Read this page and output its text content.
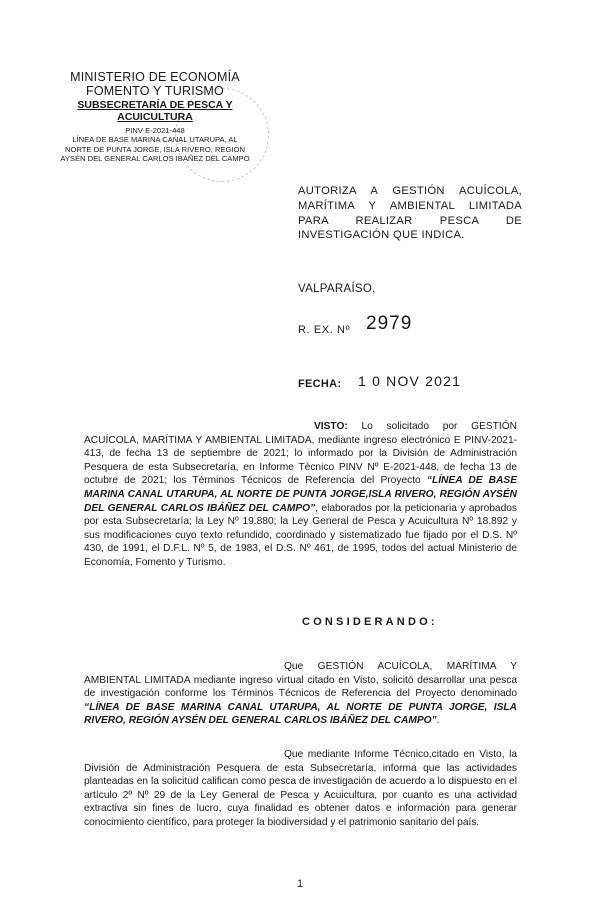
MINISTERIO DE ECONOMÍA
FOMENTO Y TURISMO
SUBSECRETARÍA DE PESCA Y
ACUICULTURA
PINV E-2021-448
LÍNEA DE BASE MARINA CANAL UTARUPA, AL
NORTE DE PUNTA JORGE, ISLA RIVERO, REGIÓN
AYSÉN DEL GENERAL CARLOS IBÁÑEZ DEL CAMPO
AUTORIZA A GESTIÓN ACUÍCOLA, MARÍTIMA Y AMBIENTAL LIMITADA PARA REALIZAR PESCA DE INVESTIGACIÓN QUE INDICA.
VALPARAÍSO,
R. EX. Nº 2979
FECHA: 1 0 NOV 2021
VISTO: Lo solicitado por GESTIÓN ACUÍCOLA, MARÍTIMA Y AMBIENTAL LIMITADA, mediante ingreso electrónico E PINV-2021-413, de fecha 13 de septiembre de 2021; lo informado por la División de Administración Pesquera de esta Subsecretaría, en Informe Técnico PINV Nº E-2021-448, de fecha 13 de octubre de 2021; los Términos Técnicos de Referencia del Proyecto “LÍNEA DE BASE MARINA CANAL UTARUPA, AL NORTE DE PUNTA JORGE,ISLA RIVERO, REGIÓN AYSÉN DEL GENERAL CARLOS IBÁÑEZ DEL CAMPO”, elaborados por la peticionaria y aprobados por esta Subsecretaría; la Ley Nº 19.880; la Ley General de Pesca y Acuicultura Nº 18.892 y sus modificaciones cuyo texto refundido, coordinado y sistematizado fue fijado por el D.S. Nº 430, de 1991, el D.F.L. Nº 5, de 1983, el D.S. Nº 461, de 1995, todos del actual Ministerio de Economía, Fomento y Turismo.
CONSIDERANDO:
Que GESTIÓN ACUÍCOLA, MARÍTIMA Y AMBIENTAL LIMITADA mediante ingreso virtual citado en Visto, solicitó desarrollar una pesca de investigación conforme los Términos Técnicos de Referencia del Proyecto denominado “LÍNEA DE BASE MARINA CANAL UTARUPA, AL NORTE DE PUNTA JORGE, ISLA RIVERO, REGIÓN AYSÉN DEL GENERAL CARLOS IBÁÑEZ DEL CAMPO”.
Que mediante Informe Técnico,citado en Visto, la División de Administración Pesquera de esta Subsecretaría, informa que las actividades planteadas en la solicitud califican como pesca de investigación de acuerdo a lo dispuesto en el artículo 2º Nº 29 de la Ley General de Pesca y Acuicultura, por cuanto es una actividad extractiva sin fines de lucro, cuya finalidad es obtener datos e información para generar conocimiento científico, para proteger la biodiversidad y el patrimonio sanitario del país.
1
